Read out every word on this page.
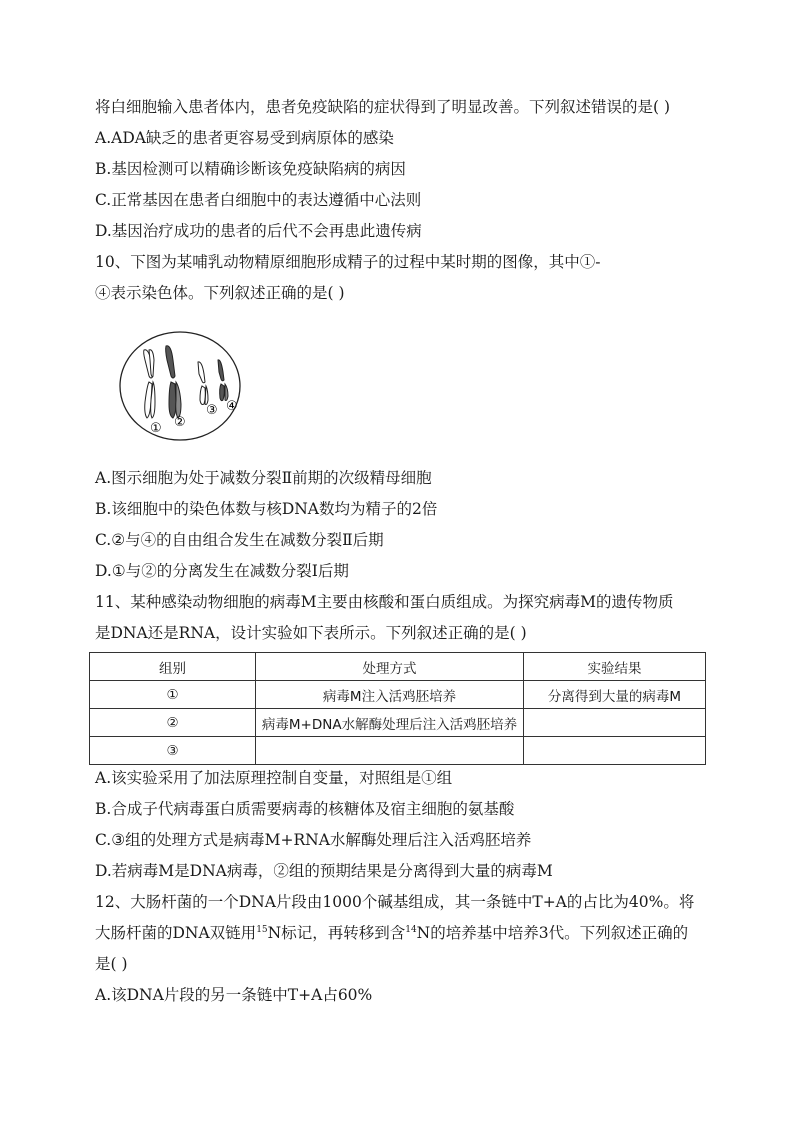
将白细胞输入患者体内，患者免疫缺陷的症状得到了明显改善。下列叙述错误的是( )
A.ADA缺乏的患者更容易受到病原体的感染
B.基因检测可以精确诊断该免疫缺陷病的病因
C.正常基因在患者白细胞中的表达遵循中心法则
D.基因治疗成功的患者的后代不会再患此遗传病
10、下图为某哺乳动物精原细胞形成精子的过程中某时期的图像，其中①-
④表示染色体。下列叙述正确的是( )
① ②
③ ④
A.图示细胞为处于减数分裂Ⅱ前期的次级精母细胞
B.该细胞中的染色体数与核DNA数均为精子的2倍
C.②与④的自由组合发生在减数分裂Ⅱ后期
D.①与②的分离发生在减数分裂Ⅰ后期
11、某种感染动物细胞的病毒M主要由核酸和蛋白质组成。为探究病毒M的遗传物质
是DNA还是RNA，设计实验如下表所示。下列叙述正确的是( )
组别	处理方式	实验结果
①	病毒M注入活鸡胚培养	分离得到大量的病毒M
②	病毒M+DNA水解酶处理后注入活鸡胚培养	
③		
A.该实验采用了加法原理控制自变量，对照组是①组
B.合成子代病毒蛋白质需要病毒的核糖体及宿主细胞的氨基酸
C.③组的处理方式是病毒M+RNA水解酶处理后注入活鸡胚培养
D.若病毒M是DNA病毒，②组的预期结果是分离得到大量的病毒M
12、大肠杆菌的一个DNA片段由1000个碱基组成，其一条链中T+A的占比为40%。将
大肠杆菌的DNA双链用$^{15}$N标记，再转移到含$^{14}$N的培养基中培养3代。下列叙述正确的
是( )
A.该DNA片段的另一条链中T+A占60%
